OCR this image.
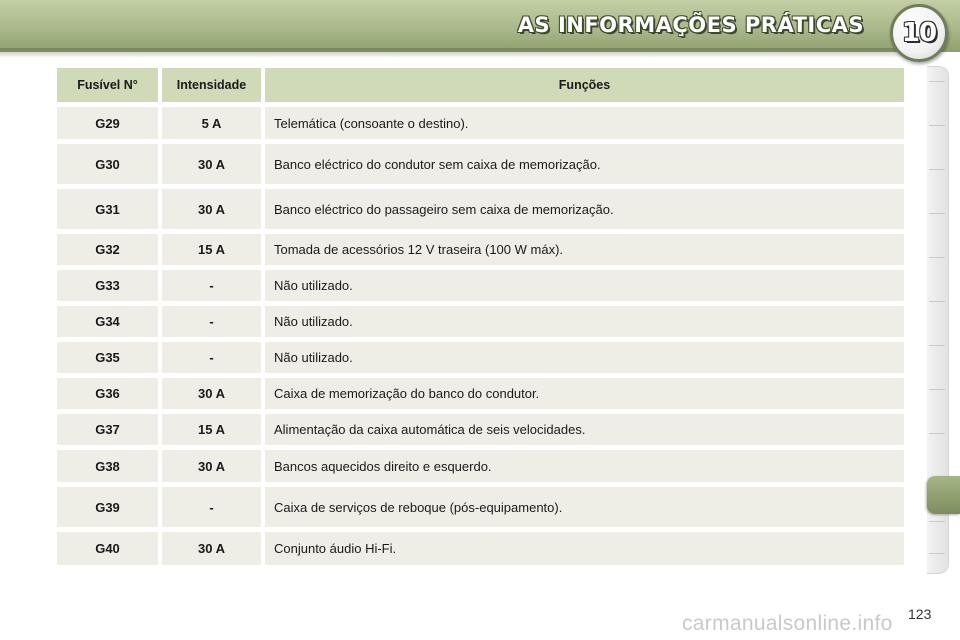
AS INFORMAÇÕES PRÁTICAS 10
Fusível N°	Intensidade	Funções
G29	5 A	Telemática (consoante o destino).
G30	30 A	Banco eléctrico do condutor sem caixa de memorização.
G31	30 A	Banco eléctrico do passageiro sem caixa de memorização.
G32	15 A	Tomada de acessórios 12 V traseira (100 W máx).
G33	-	Não utilizado.
G34	-	Não utilizado.
G35	-	Não utilizado.
G36	30 A	Caixa de memorização do banco do condutor.
G37	15 A	Alimentação da caixa automática de seis velocidades.
G38	30 A	Bancos aquecidos direito e esquerdo.
G39	-	Caixa de serviços de reboque (pós-equipamento).
G40	30 A	Conjunto áudio Hi-Fi.
carmanualsonline.info 123
